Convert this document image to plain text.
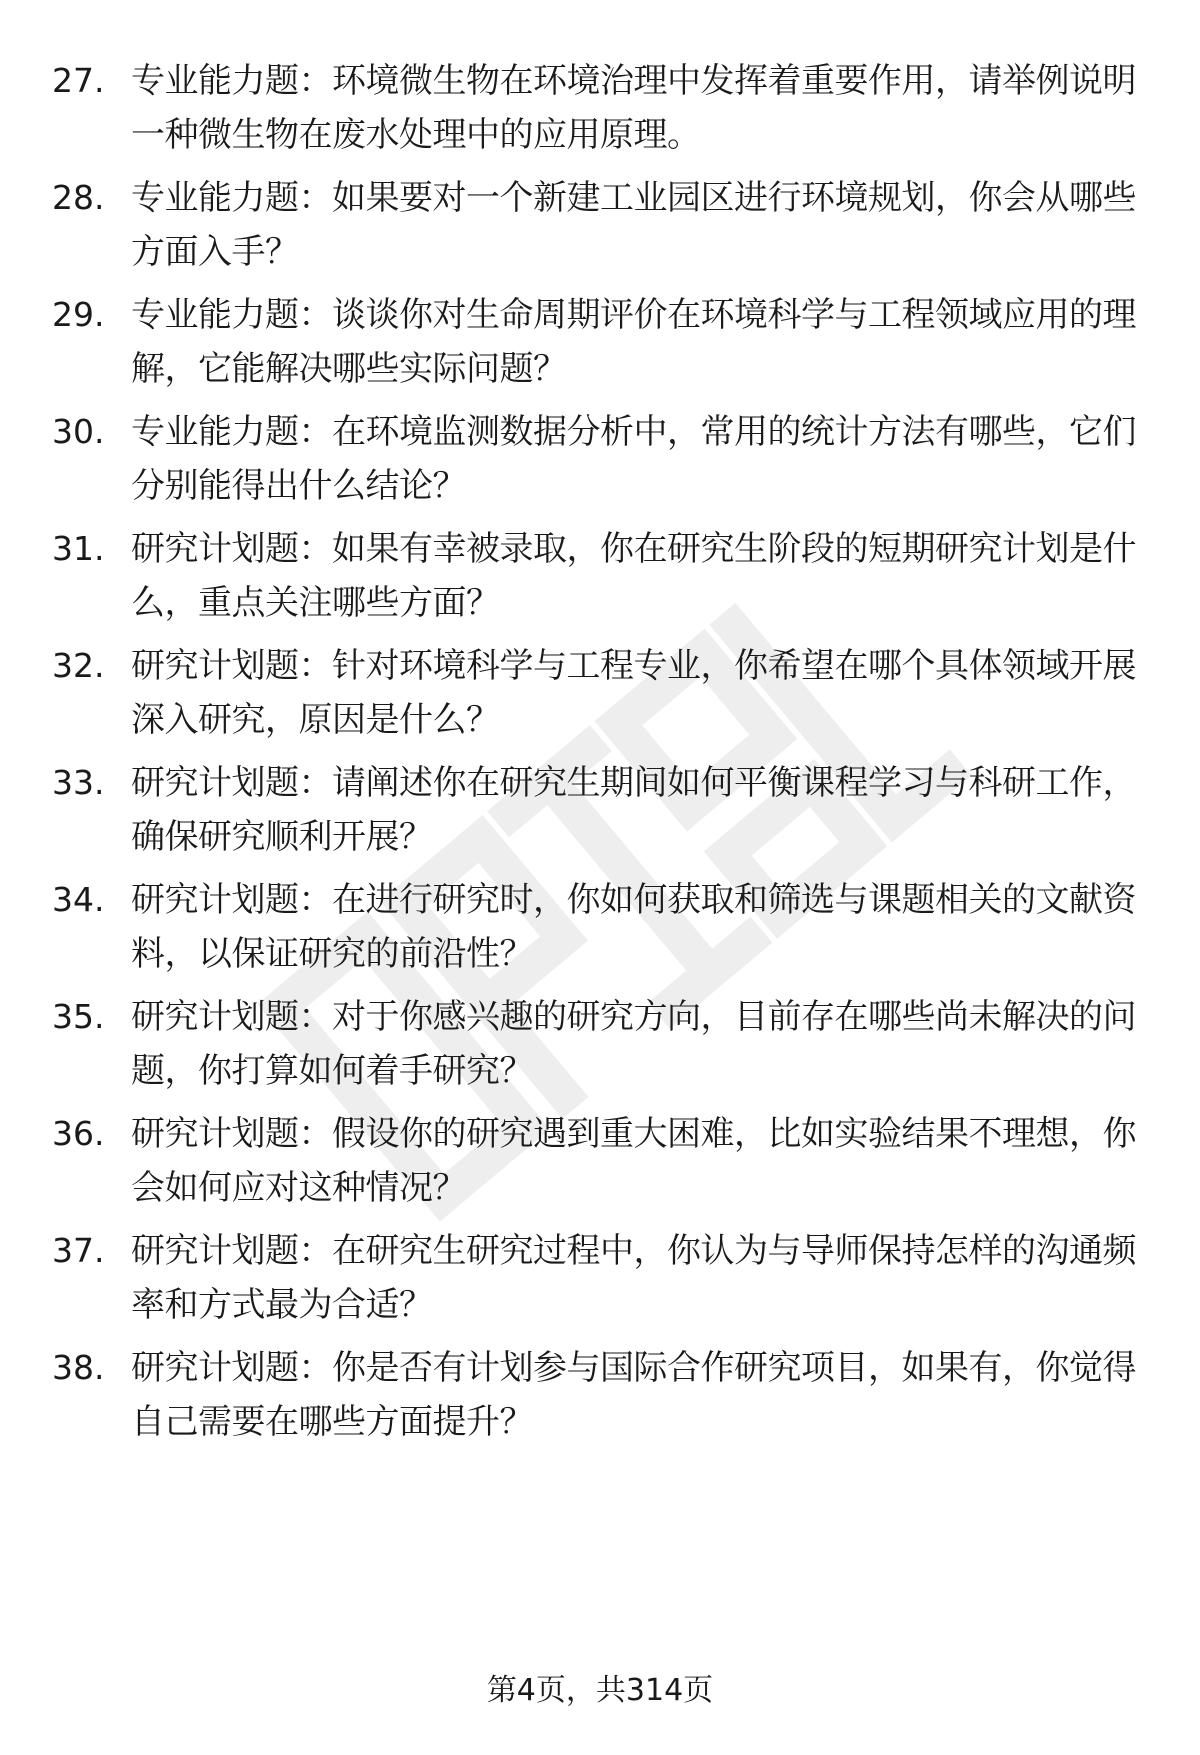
27. 专业能力题：环境微生物在环境治理中发挥着重要作用，请举例说明一种微生物在废水处理中的应用原理。

28. 专业能力题：如果要对一个新建工业园区进行环境规划，你会从哪些方面入手？

29. 专业能力题：谈谈你对生命周期评价在环境科学与工程领域应用的理解，它能解决哪些实际问题？

30. 专业能力题：在环境监测数据分析中，常用的统计方法有哪些，它们分别能得出什么结论？

31. 研究计划题：如果有幸被录取，你在研究生阶段的短期研究计划是什么，重点关注哪些方面？

32. 研究计划题：针对环境科学与工程专业，你希望在哪个具体领域开展深入研究，原因是什么？

33. 研究计划题：请阐述你在研究生期间如何平衡课程学习与科研工作，确保研究顺利开展？

34. 研究计划题：在进行研究时，你如何获取和筛选与课题相关的文献资料，以保证研究的前沿性？

35. 研究计划题：对于你感兴趣的研究方向，目前存在哪些尚未解决的问题，你打算如何着手研究？

36. 研究计划题：假设你的研究遇到重大困难，比如实验结果不理想，你会如何应对这种情况？

37. 研究计划题：在研究生研究过程中，你认为与导师保持怎样的沟通频率和方式最为合适？

38. 研究计划题：你是否有计划参与国际合作研究项目，如果有，你觉得自己需要在哪些方面提升？

第4页，共314页
